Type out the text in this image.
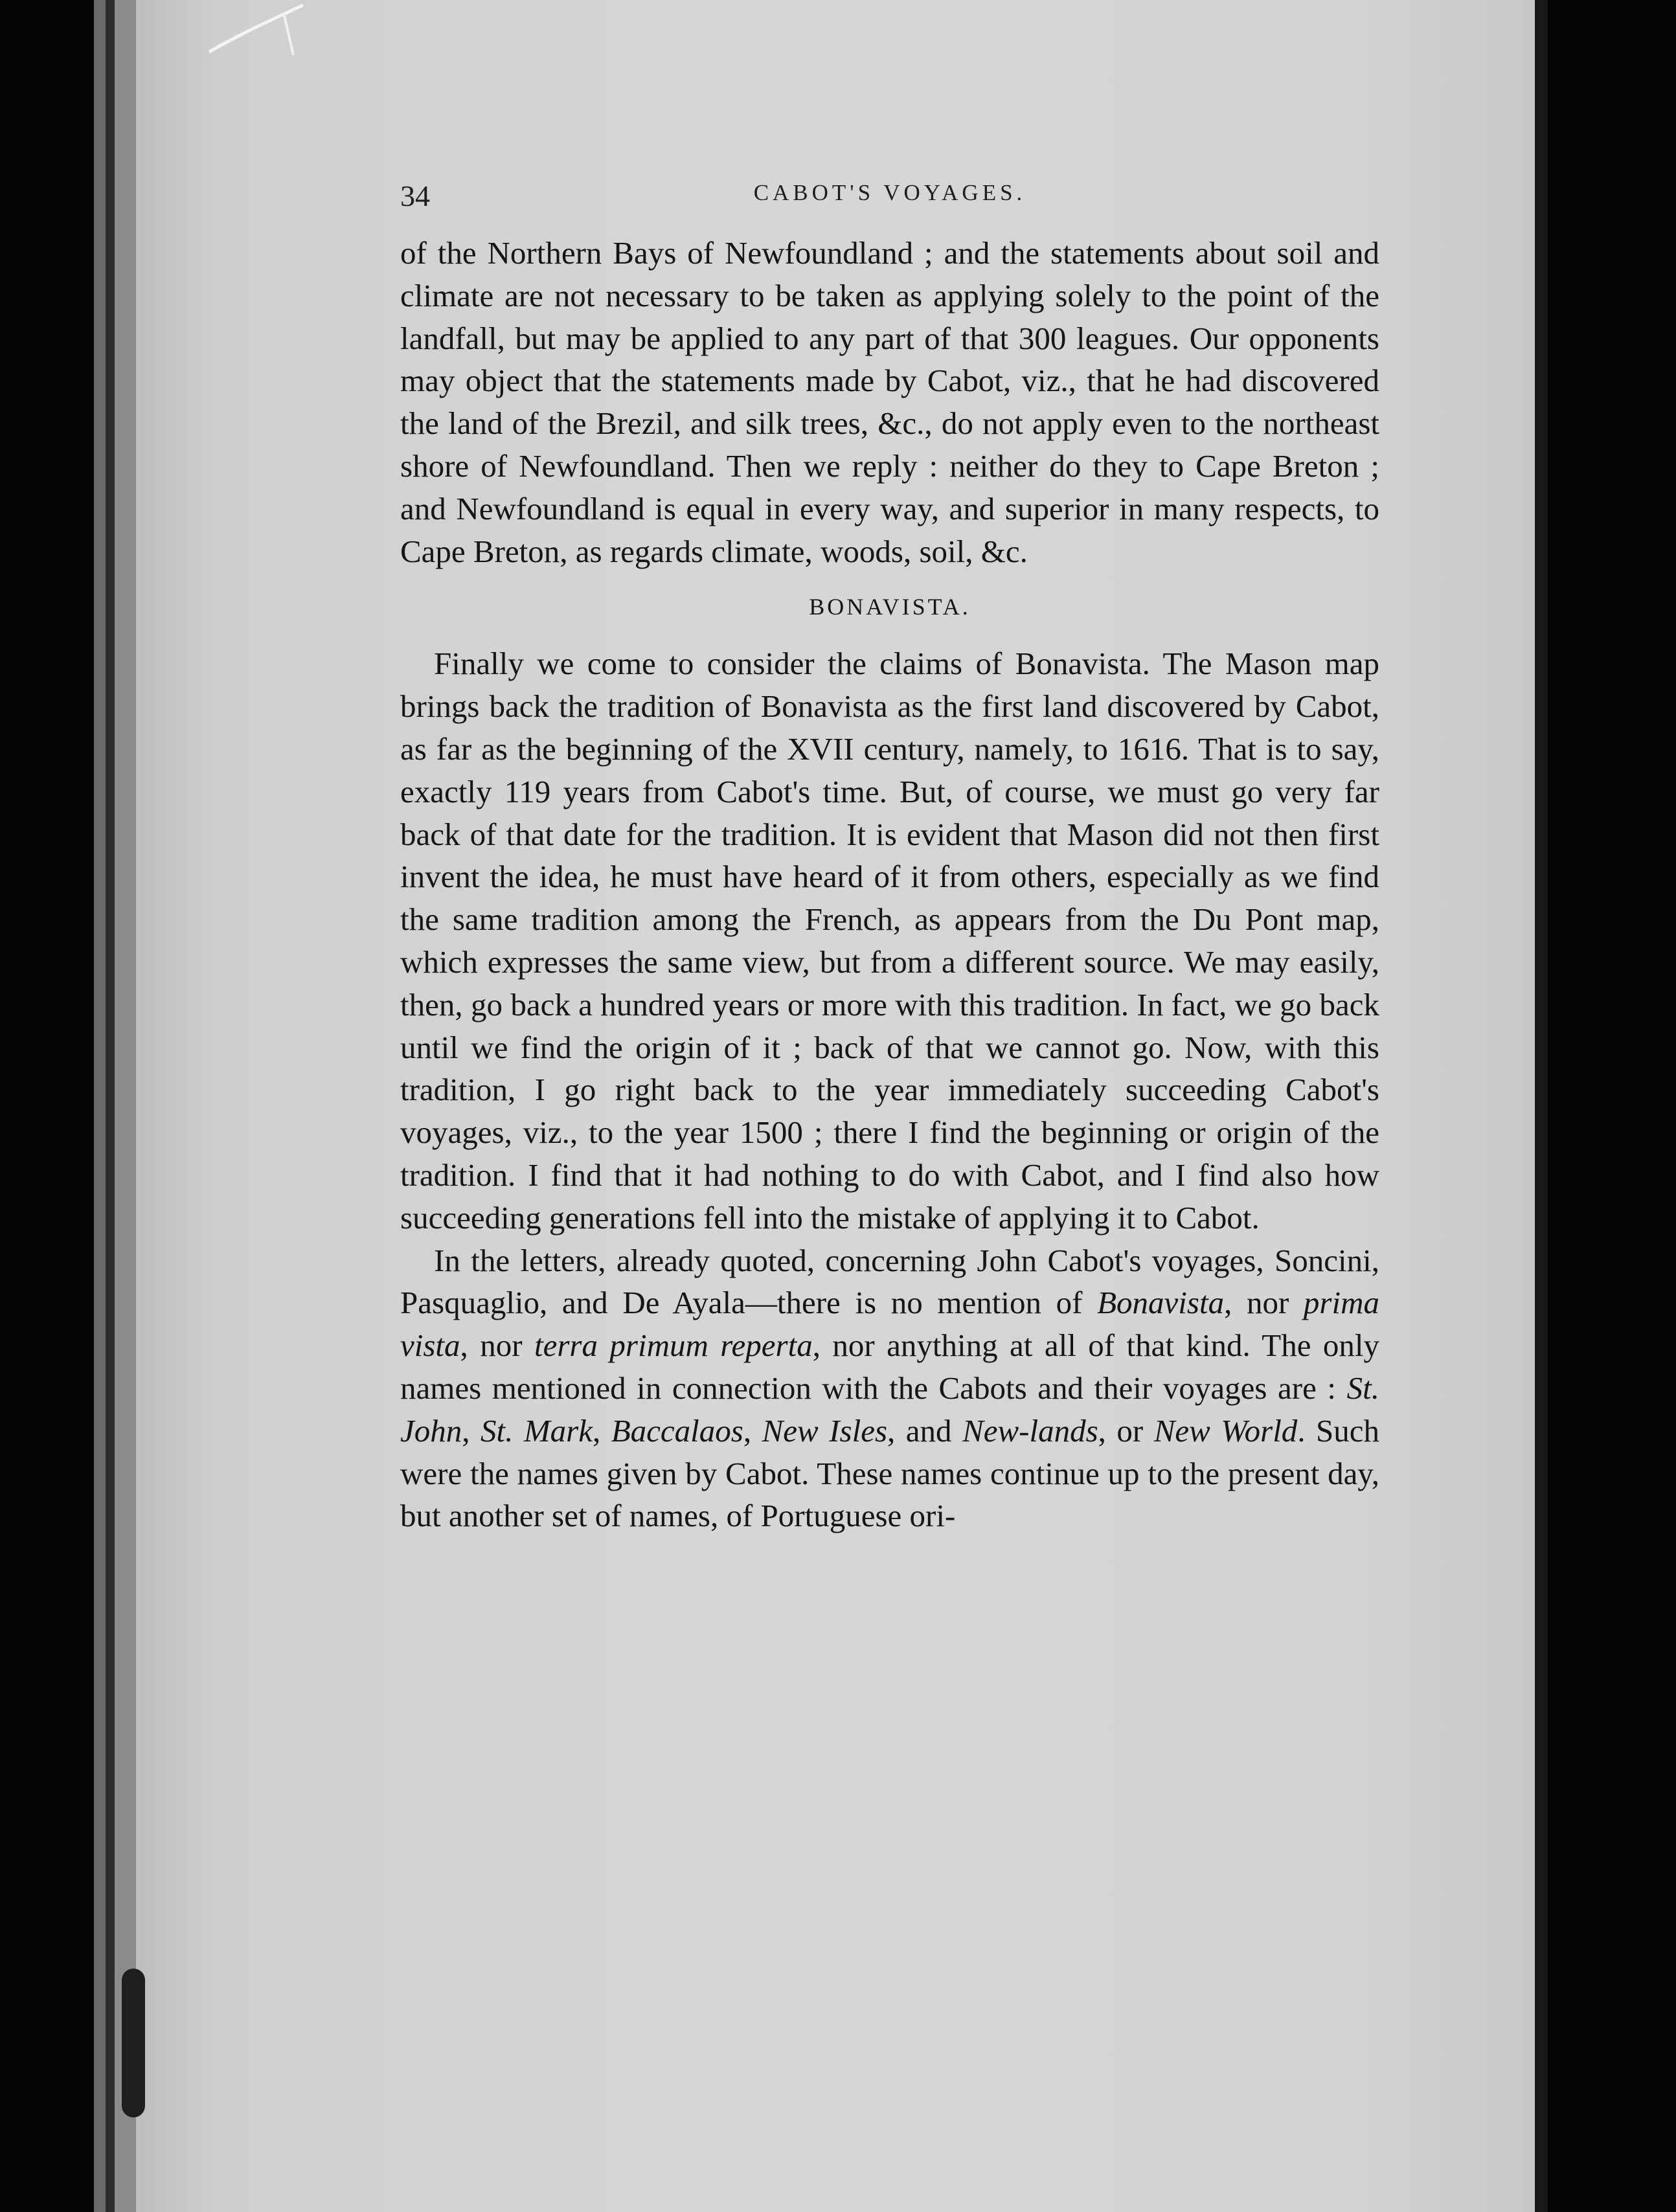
34	CABOT'S VOYAGES.

of the Northern Bays of Newfoundland ; and the statements about soil and climate are not necessary to be taken as applying solely to the point of the landfall, but may be applied to any part of that 300 leagues. Our opponents may object that the statements made by Cabot, viz., that he had discovered the land of the Brezil, and silk trees, &c., do not apply even to the northeast shore of Newfoundland. Then we reply : neither do they to Cape Breton ; and Newfoundland is equal in every way, and superior in many respects, to Cape Breton, as regards climate, woods, soil, &c.

BONAVISTA.

Finally we come to consider the claims of Bonavista. The Mason map brings back the tradition of Bonavista as the first land discovered by Cabot, as far as the beginning of the XVII century, namely, to 1616. That is to say, exactly 119 years from Cabot's time. But, of course, we must go very far back of that date for the tradition. It is evident that Mason did not then first invent the idea, he must have heard of it from others, especially as we find the same tradition among the French, as appears from the Du Pont map, which expresses the same view, but from a different source. We may easily, then, go back a hundred years or more with this tradition. In fact, we go back until we find the origin of it ; back of that we cannot go. Now, with this tradition, I go right back to the year immediately succeeding Cabot's voyages, viz., to the year 1500 ; there I find the beginning or origin of the tradition. I find that it had nothing to do with Cabot, and I find also how succeeding generations fell into the mistake of applying it to Cabot.

In the letters, already quoted, concerning John Cabot's voyages, Soncini, Pasquaglio, and De Ayala—there is no mention of Bonavista, nor prima vista, nor terra primum reperta, nor anything at all of that kind. The only names mentioned in connection with the Cabots and their voyages are : St. John, St. Mark, Baccalaos, New Isles, and New-lands, or New World. Such were the names given by Cabot. These names continue up to the present day, but another set of names, of Portuguese ori-
